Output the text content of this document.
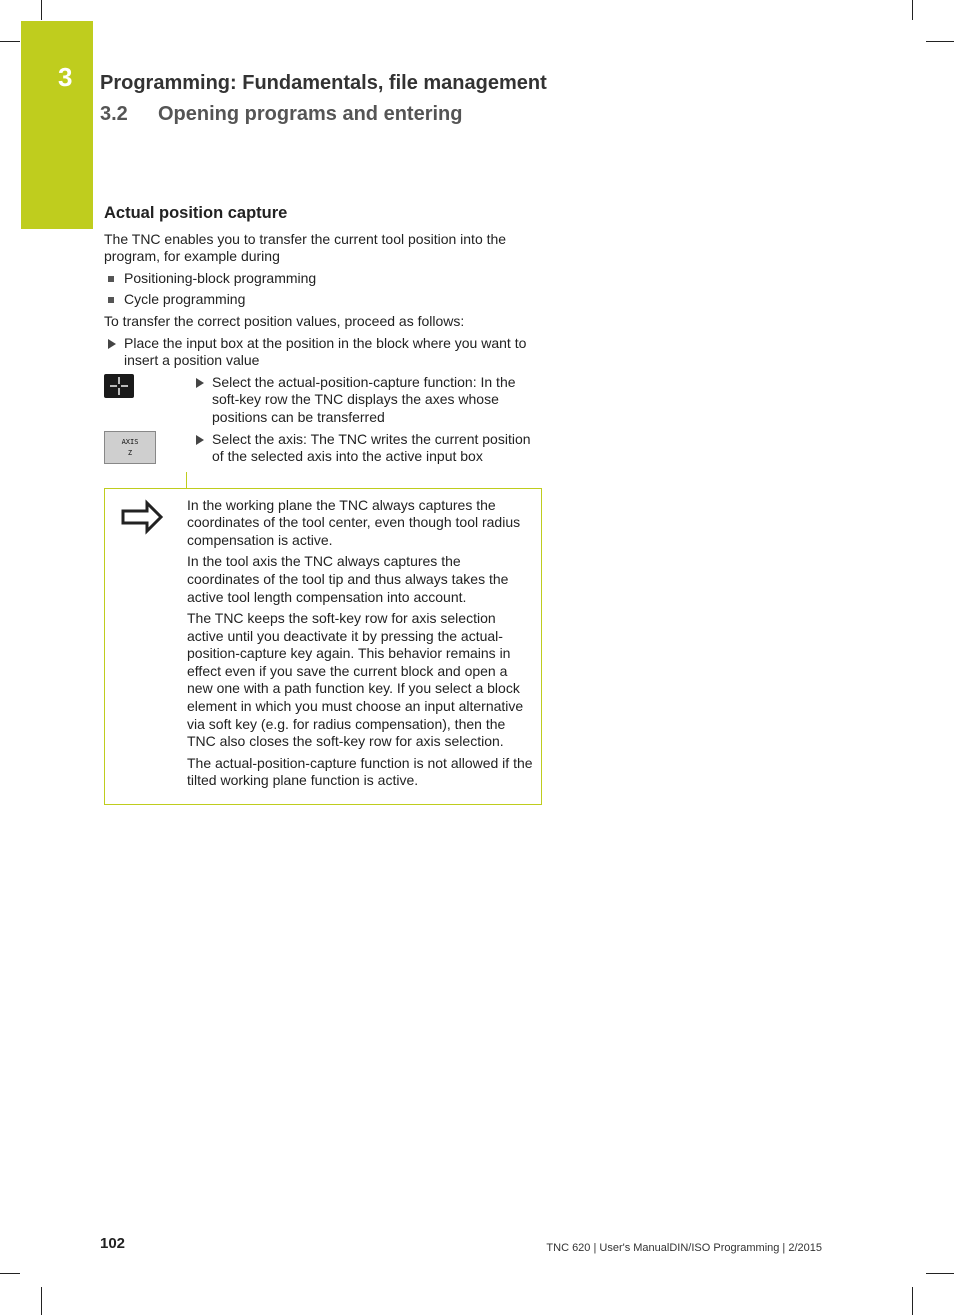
3 Programming: Fundamentals, file management
3.2 Opening programs and entering
Actual position capture

The TNC enables you to transfer the current tool position into the program, for example during

Positioning-block programming
Cycle programming

To transfer the correct position values, proceed as follows:

Place the input box at the position in the block where you want to insert a position value
Select the actual-position-capture function: In the soft-key row the TNC displays the axes whose positions can be transferred
AXIS
Z
Select the axis: The TNC writes the current position of the selected axis into the active input box

In the working plane the TNC always captures the coordinates of the tool center, even though tool radius compensation is active.

In the tool axis the TNC always captures the coordinates of the tool tip and thus always takes the active tool length compensation into account.

The TNC keeps the soft-key row for axis selection active until you deactivate it by pressing the actual-position-capture key again. This behavior remains in effect even if you save the current block and open a new one with a path function key. If you select a block element in which you must choose an input alternative via soft key (e.g. for radius compensation), then the TNC also closes the soft-key row for axis selection.

The actual-position-capture function is not allowed if the tilted working plane function is active.

102	TNC 620 | User's ManualDIN/ISO Programming | 2/2015
